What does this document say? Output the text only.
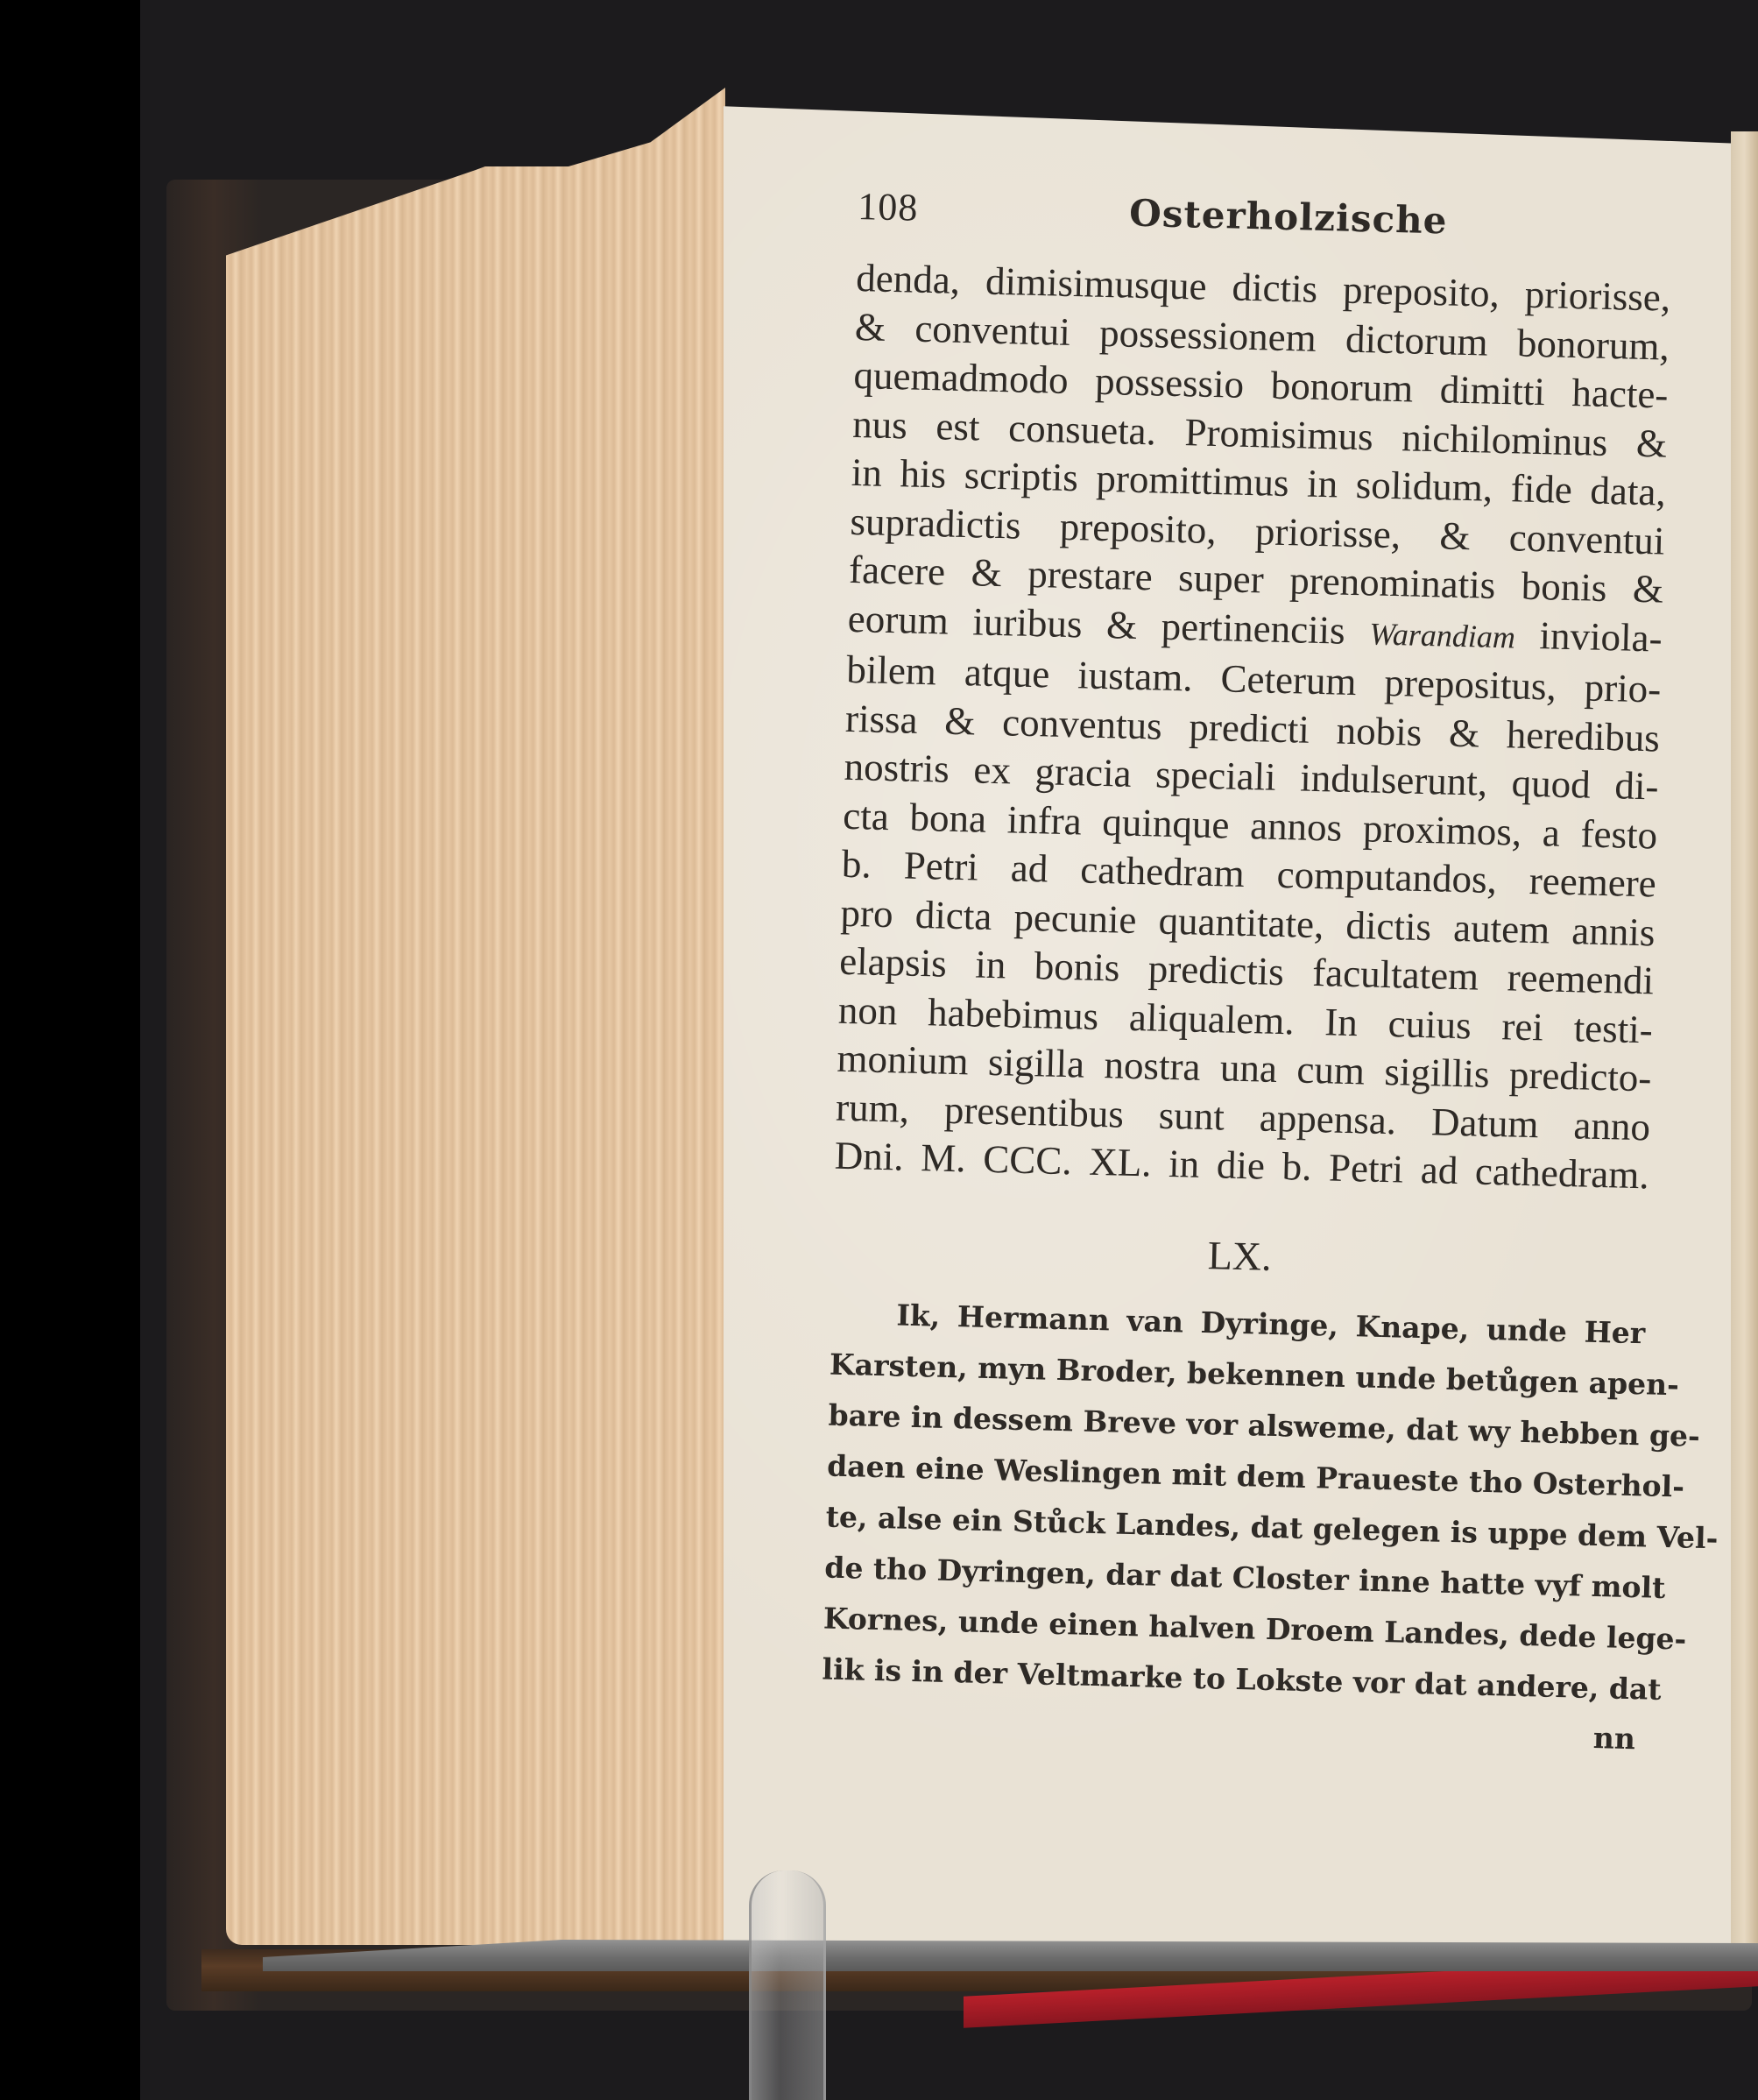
108	Osterholzische
denda, dimisimusque dictis preposito, priorisse,
& conventui possessionem dictorum bonorum,
quemadmodo possessio bonorum dimitti hacte-
nus est consueta. Promisimus nichilominus &
in his scriptis promittimus in solidum, fide data,
supradictis preposito, priorisse, & conventui
facere & prestare super prenominatis bonis &
eorum iuribus & pertinenciis Warandiam inviola-
bilem atque iustam. Ceterum prepositus, prio-
rissa & conventus predicti nobis & heredibus
nostris ex gracia speciali indulserunt, quod di-
cta bona infra quinque annos proximos, a festo
b. Petri ad cathedram computandos, reemere
pro dicta pecunie quantitate, dictis autem annis
elapsis in bonis predictis facultatem reemendi
non habebimus aliqualem. In cuius rei testi-
monium sigilla nostra una cum sigillis predicto-
rum, presentibus sunt appensa. Datum anno
Dni. M. CCC. XL. in die b. Petri ad cathedram.
LX.
Ik, Hermann van Dyringe, Knape, unde Her
Karsten, myn Broder, bekennen unde betůgen apen-
bare in dessem Breve vor alsweme, dat wy hebben ge-
daen eine Weslingen mit dem Praueste tho Osterhol-
te, alse ein Stůck Landes, dat gelegen is uppe dem Vel-
de tho Dyringen, dar dat Closter inne hatte vyf molt
Kornes, unde einen halven Droem Landes, dede lege-
lik is in der Veltmarke to Lokste vor dat andere, dat
nn
